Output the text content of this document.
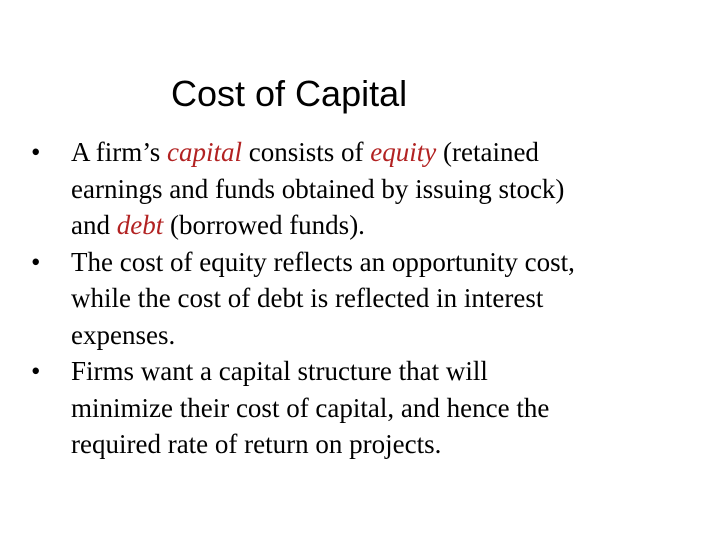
Cost of Capital
•	A firm’s capital consists of equity (retained
earnings and funds obtained by issuing stock)
and debt (borrowed funds).
•	The cost of equity reflects an opportunity cost,
while the cost of debt is reflected in interest
expenses.
•	Firms want a capital structure that will
minimize their cost of capital, and hence the
required rate of return on projects.
